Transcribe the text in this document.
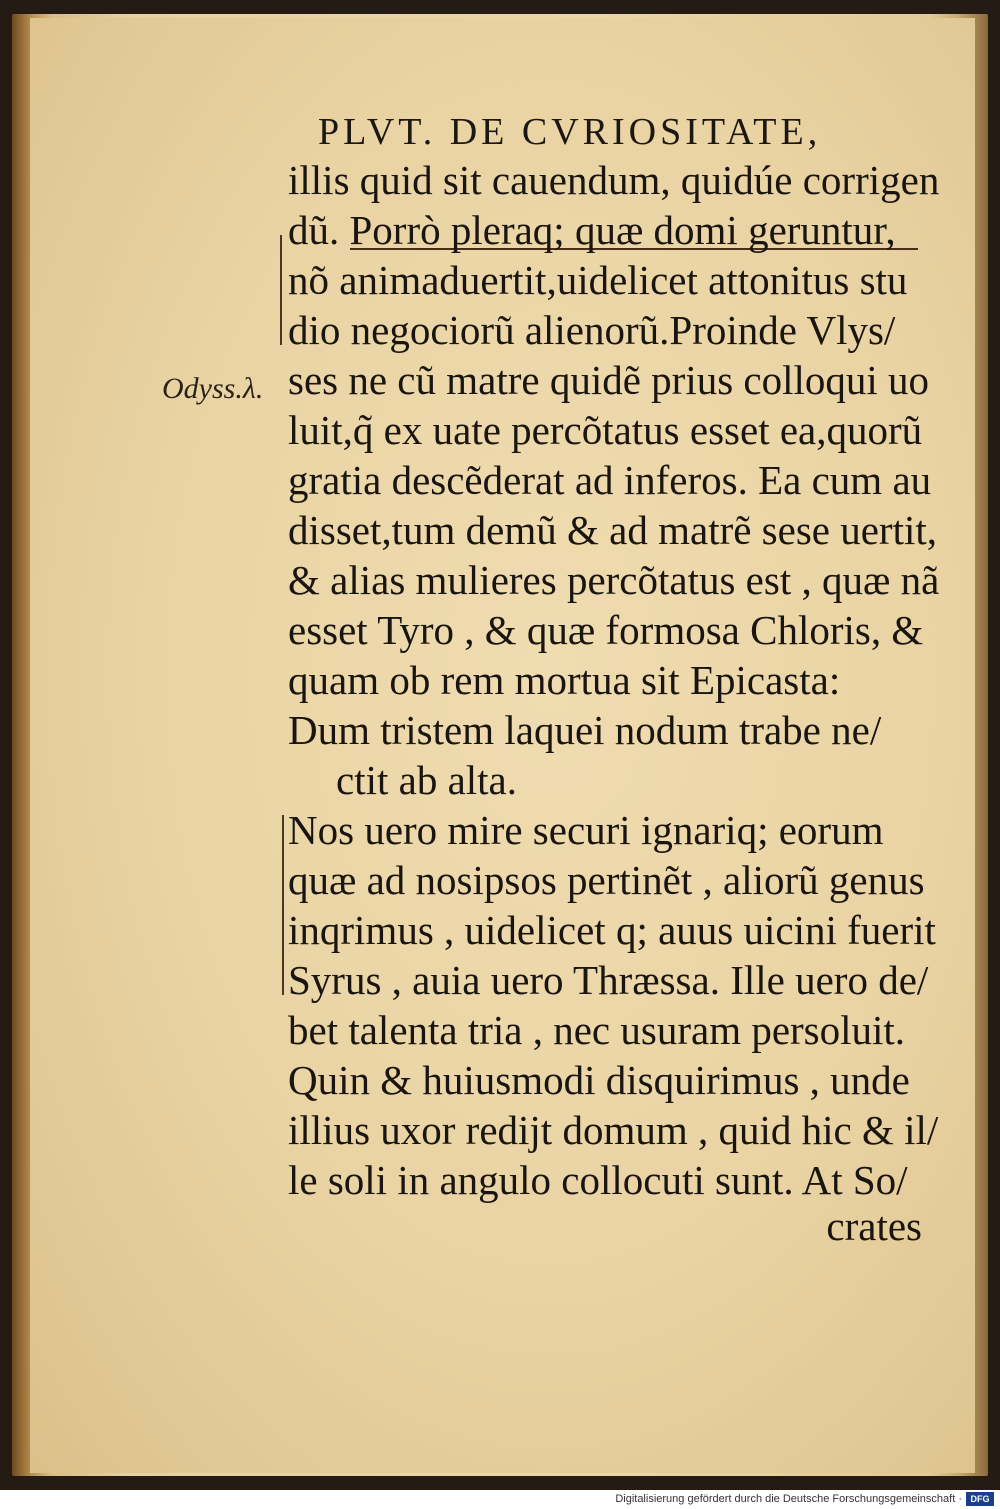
PLVT. DE CVRIOSITATE,
Odyss.λ.
illis quid sit cauendum, quidúe corrigen
dũ. Porrò pleraq; quæ domi geruntur,
nõ animaduertit,uidelicet attonitus stu
dio negociorũ alienorũ.Proinde Vlys/
ses ne cũ matre quidẽ prius colloqui uo
luit,q̃ ex uate percõtatus esset ea,quorũ
gratia descẽderat ad inferos. Ea cum au
disset,tum demũ & ad matrẽ sese uertit,
& alias mulieres percõtatus est , quæ nã
esset Tyro , & quæ formosa Chloris, &
quam ob rem mortua sit Epicasta:
Dum tristem laquei nodum trabe ne/
ctit ab alta.
Nos uero mire securi ignariq; eorum
quæ ad nosipsos pertinẽt , aliorũ genus
inqrimus , uidelicet q; auus uicini fuerit
Syrus , auia uero Thræssa. Ille uero de/
bet talenta tria , nec usuram persoluit.
Quin & huiusmodi disquirimus , unde
illius uxor rediјt domum , quid hic & il/
le soli in angulo collocuti sunt. At So/
crates
Digitalisierung gefördert durch die Deutsche Forschungsgemeinschaft · DFG
